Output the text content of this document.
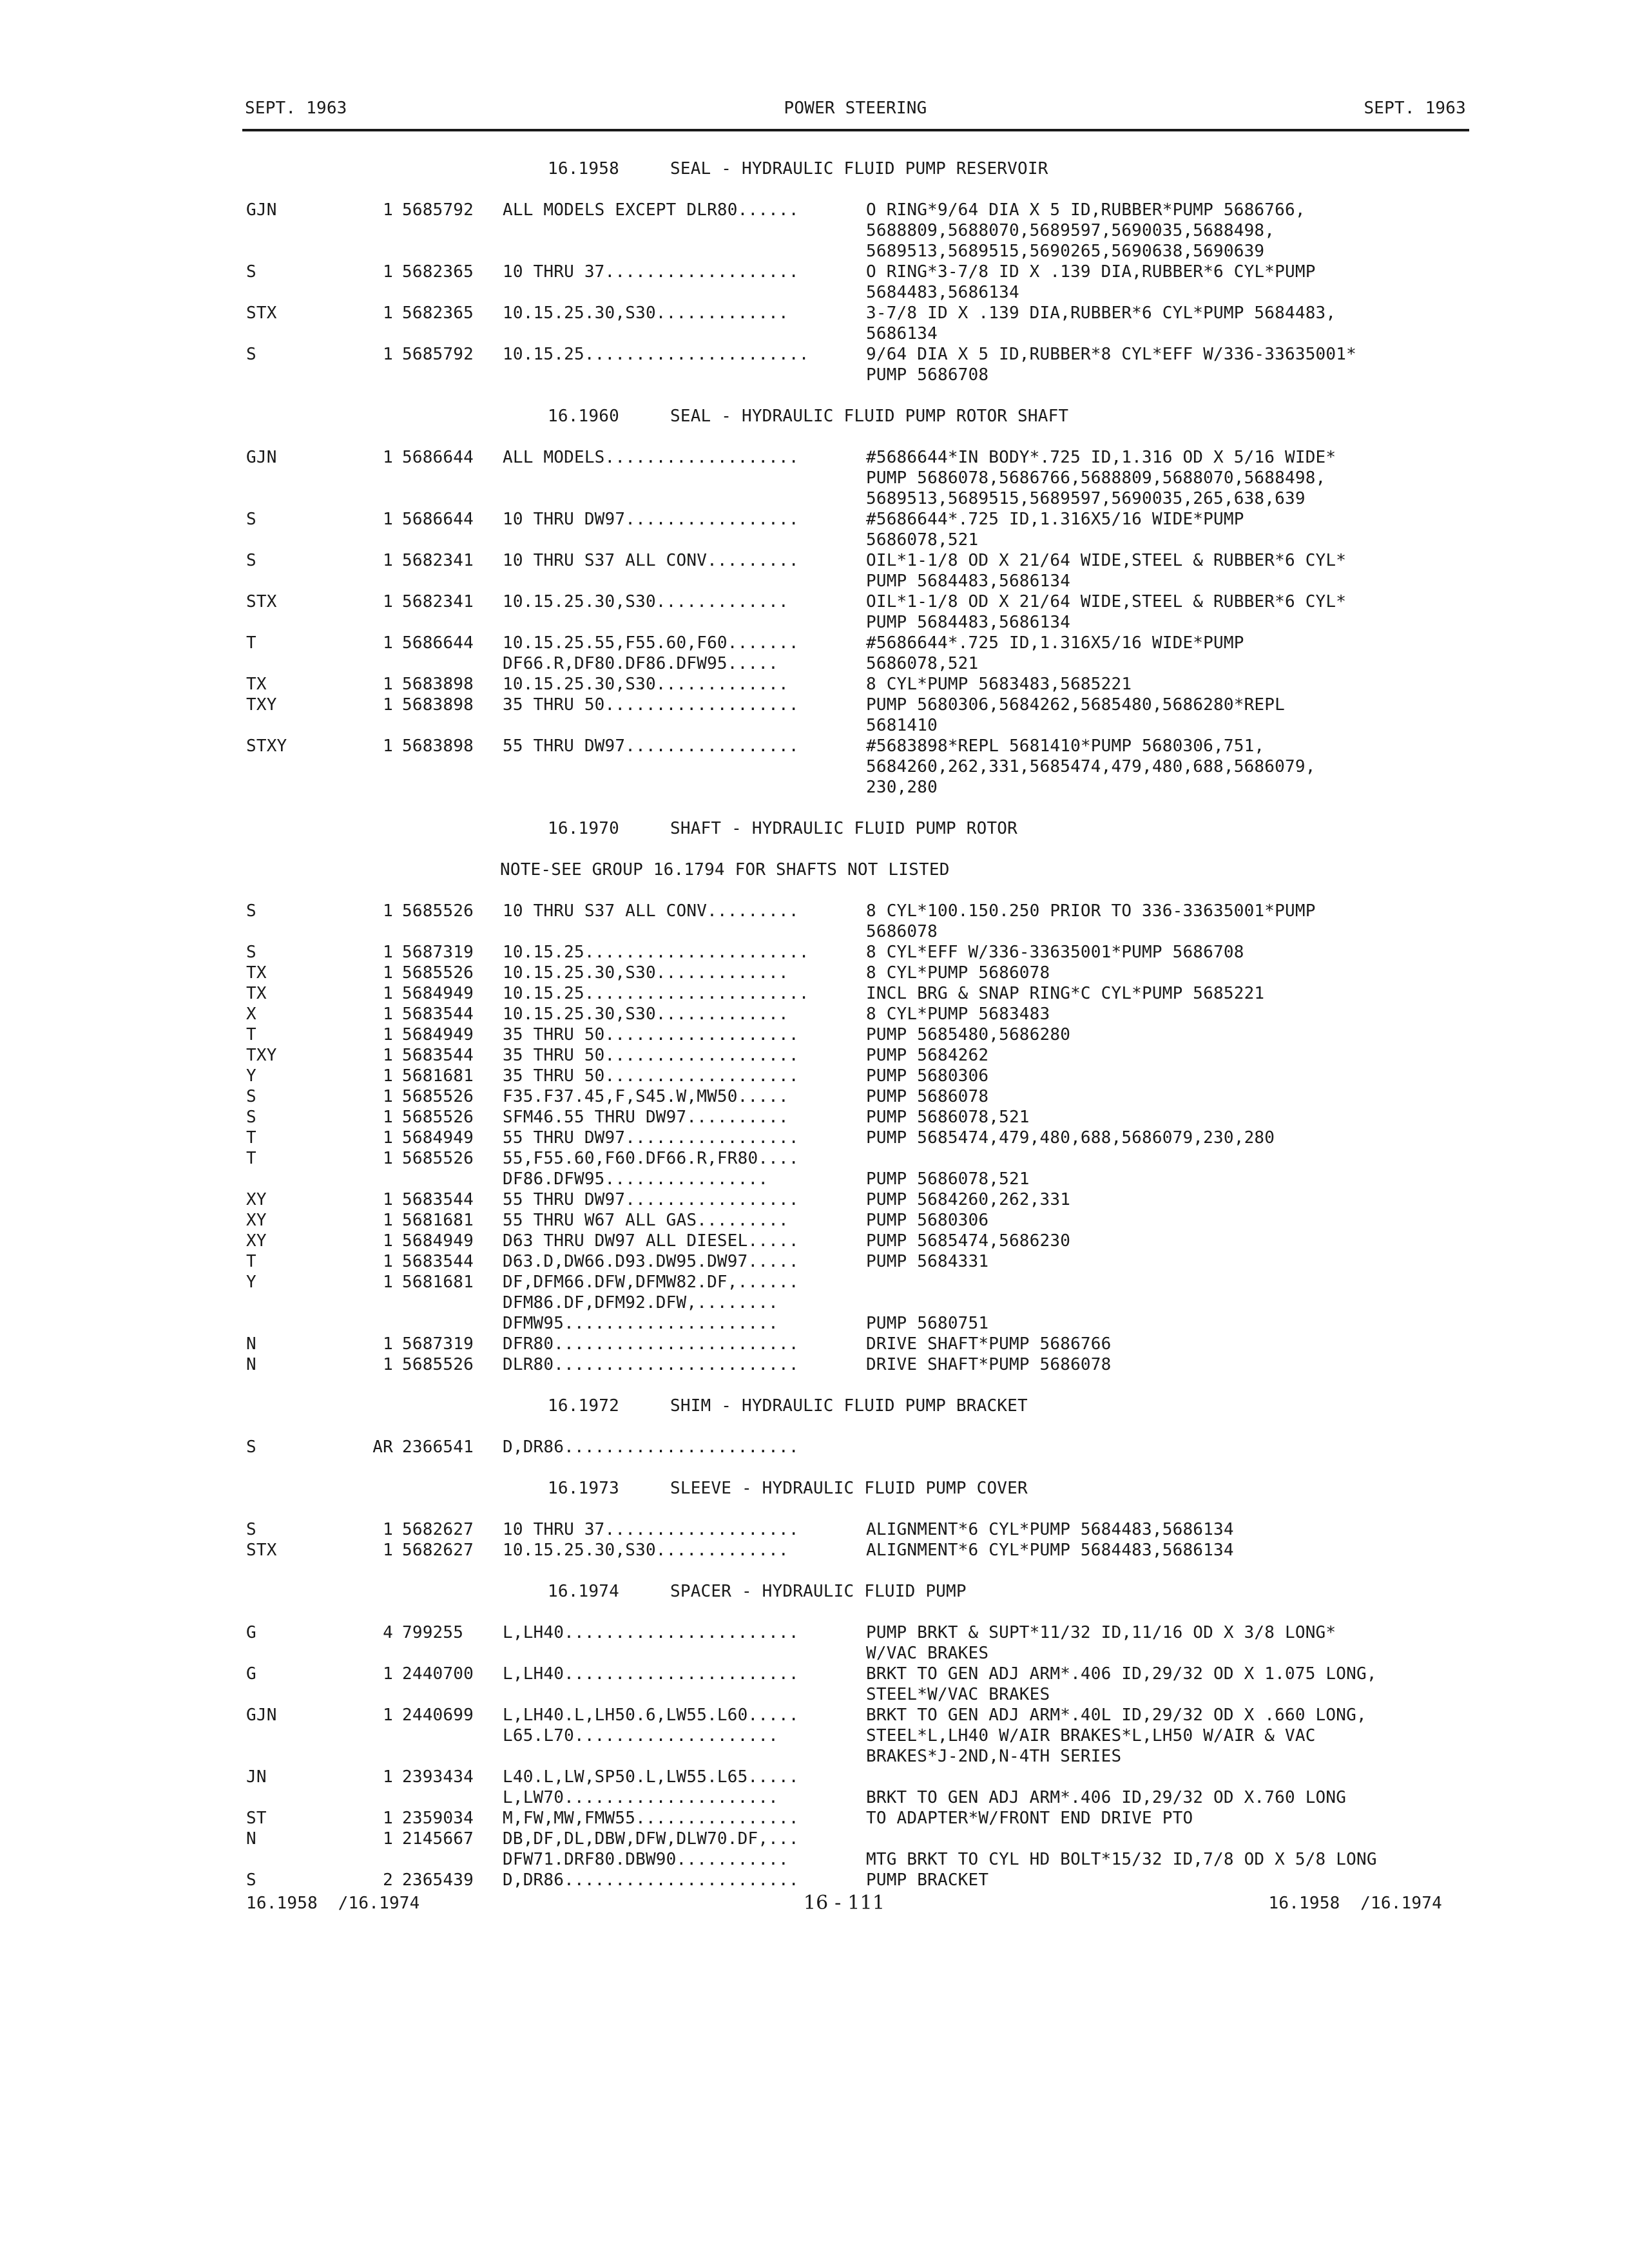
SEPT. 1963	POWER STEERING	SEPT. 1963
16.1958	SEAL - HYDRAULIC FLUID PUMP RESERVOIR
GJN	1 5685792 ALL MODELS EXCEPT DLR80......	O RING*9/64 DIA X 5 ID,RUBBER*PUMP 5686766,
5688809,5688070,5689597,5690035,5688498,
5689513,5689515,5690265,5690638,5690639
S	1 5682365 10 THRU 37...................	O RING*3-7/8 ID X .139 DIA,RUBBER*6 CYL*PUMP
5684483,5686134
STX	1 5682365 10.15.25.30,S30.............	3-7/8 ID X .139 DIA,RUBBER*6 CYL*PUMP 5684483,
5686134
S	1 5685792 10.15.25......................	9/64 DIA X 5 ID,RUBBER*8 CYL*EFF W/336-33635001*
PUMP 5686708
16.1960	SEAL - HYDRAULIC FLUID PUMP ROTOR SHAFT
GJN	1 5686644 ALL MODELS...................	#5686644*IN BODY*.725 ID,1.316 OD X 5/16 WIDE*
PUMP 5686078,5686766,5688809,5688070,5688498,
5689513,5689515,5689597,5690035,265,638,639
S	1 5686644 10 THRU DW97.................	#5686644*.725 ID,1.316X5/16 WIDE*PUMP
5686078,521
S	1 5682341 10 THRU S37 ALL CONV.........	OIL*1-1/8 OD X 21/64 WIDE,STEEL & RUBBER*6 CYL*
PUMP 5684483,5686134
STX	1 5682341 10.15.25.30,S30.............	OIL*1-1/8 OD X 21/64 WIDE,STEEL & RUBBER*6 CYL*
PUMP 5684483,5686134
T	1 5686644 10.15.25.55,F55.60,F60.......	#5686644*.725 ID,1.316X5/16 WIDE*PUMP
DF66.R,DF80.DF86.DFW95.....	5686078,521
TX	1 5683898 10.15.25.30,S30.............	8 CYL*PUMP 5683483,5685221
TXY	1 5683898 35 THRU 50...................	PUMP 5680306,5684262,5685480,5686280*REPL
5681410
STXY	1 5683898 55 THRU DW97.................	#5683898*REPL 5681410*PUMP 5680306,751,
5684260,262,331,5685474,479,480,688,5686079,
230,280
16.1970	SHAFT - HYDRAULIC FLUID PUMP ROTOR
NOTE-SEE GROUP 16.1794 FOR SHAFTS NOT LISTED
S	1 5685526 10 THRU S37 ALL CONV.........	8 CYL*100.150.250 PRIOR TO 336-33635001*PUMP
5686078
S	1 5687319 10.15.25......................	8 CYL*EFF W/336-33635001*PUMP 5686708
TX	1 5685526 10.15.25.30,S30.............	8 CYL*PUMP 5686078
TX	1 5684949 10.15.25......................	INCL BRG & SNAP RING*C CYL*PUMP 5685221
X	1 5683544 10.15.25.30,S30.............	8 CYL*PUMP 5683483
T	1 5684949 35 THRU 50...................	PUMP 5685480,5686280
TXY	1 5683544 35 THRU 50...................	PUMP 5684262
Y	1 5681681 35 THRU 50...................	PUMP 5680306
S	1 5685526 F35.F37.45,F,S45.W,MW50.....	PUMP 5686078
S	1 5685526 SFM46.55 THRU DW97..........	PUMP 5686078,521
T	1 5684949 55 THRU DW97.................	PUMP 5685474,479,480,688,5686079,230,280
T	1 5685526 55,F55.60,F60.DF66.R,FR80....
DF86.DFW95................	PUMP 5686078,521
XY	1 5683544 55 THRU DW97.................	PUMP 5684260,262,331
XY	1 5681681 55 THRU W67 ALL GAS.........	PUMP 5680306
XY	1 5684949 D63 THRU DW97 ALL DIESEL.....	PUMP 5685474,5686230
T	1 5683544 D63.D,DW66.D93.DW95.DW97.....	PUMP 5684331
Y	1 5681681 DF,DFM66.DFW,DFMW82.DF,......
DFM86.DF,DFM92.DFW,........
DFMW95.....................	PUMP 5680751
N	1 5687319 DFR80........................	DRIVE SHAFT*PUMP 5686766
N	1 5685526 DLR80........................	DRIVE SHAFT*PUMP 5686078
16.1972	SHIM - HYDRAULIC FLUID PUMP BRACKET
S	AR 2366541 D,DR86.......................
16.1973	SLEEVE - HYDRAULIC FLUID PUMP COVER
S	1 5682627 10 THRU 37...................	ALIGNMENT*6 CYL*PUMP 5684483,5686134
STX	1 5682627 10.15.25.30,S30.............	ALIGNMENT*6 CYL*PUMP 5684483,5686134
16.1974	SPACER - HYDRAULIC FLUID PUMP
G	4 799255 L,LH40.......................	PUMP BRKT & SUPT*11/32 ID,11/16 OD X 3/8 LONG*
W/VAC BRAKES
G	1 2440700 L,LH40.......................	BRKT TO GEN ADJ ARM*.406 ID,29/32 OD X 1.075 LONG,
STEEL*W/VAC BRAKES
GJN	1 2440699 L,LH40.L,LH50.6,LW55.L60.....	BRKT TO GEN ADJ ARM*.40L ID,29/32 OD X .660 LONG,
L65.L70....................	STEEL*L,LH40 W/AIR BRAKES*L,LH50 W/AIR & VAC
BRAKES*J-2ND,N-4TH SERIES
JN	1 2393434 L40.L,LW,SP50.L,LW55.L65.....
L,LW70.....................	BRKT TO GEN ADJ ARM*.406 ID,29/32 OD X.760 LONG
ST	1 2359034 M,FW,MW,FMW55................	TO ADAPTER*W/FRONT END DRIVE PTO
N	1 2145667 DB,DF,DL,DBW,DFW,DLW70.DF,...
DFW71.DRF80.DBW90...........	MTG BRKT TO CYL HD BOLT*15/32 ID,7/8 OD X 5/8 LONG
S	2 2365439 D,DR86.......................	PUMP BRACKET
16.1958  /16.1974	16 - 111	16.1958  /16.1974
